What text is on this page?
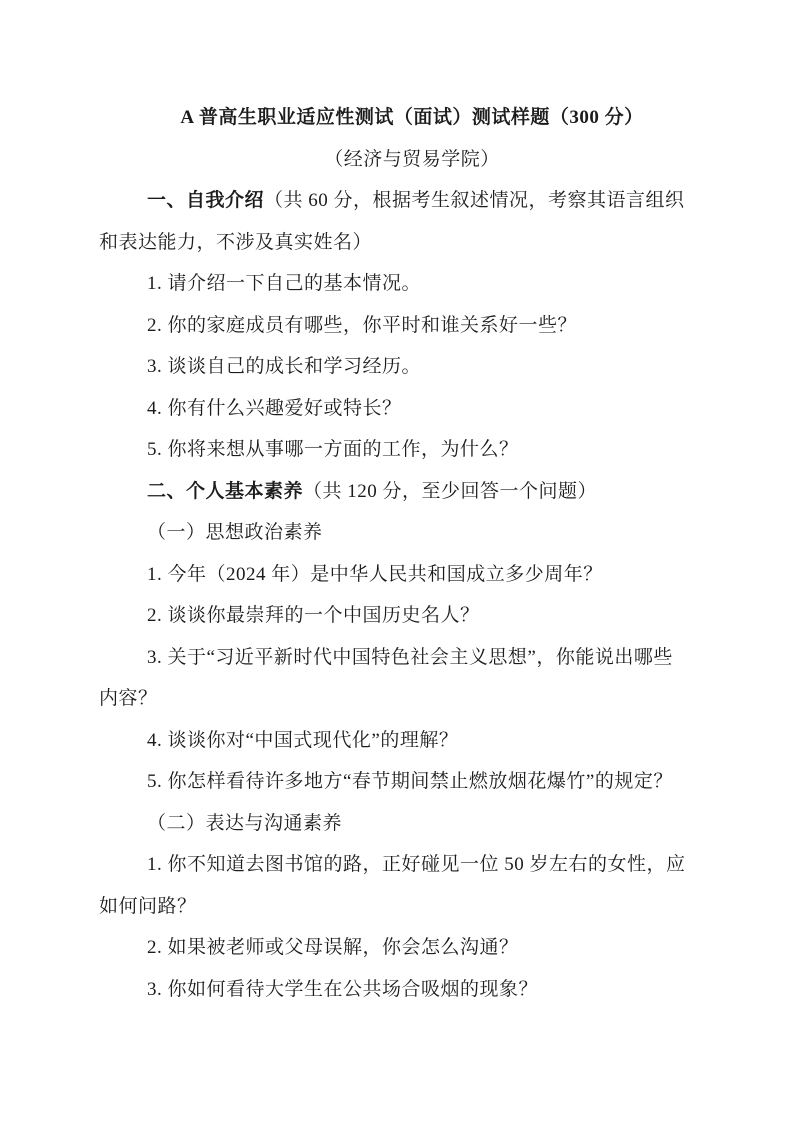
A 普高生职业适应性测试（面试）测试样题（300 分）
（经济与贸易学院）
一、自我介绍（共 60 分，根据考生叙述情况，考察其语言组织
和表达能力，不涉及真实姓名）
1. 请介绍一下自己的基本情况。
2. 你的家庭成员有哪些，你平时和谁关系好一些？
3. 谈谈自己的成长和学习经历。
4. 你有什么兴趣爱好或特长？
5. 你将来想从事哪一方面的工作，为什么？
二、个人基本素养（共 120 分，至少回答一个问题）
（一）思想政治素养
1. 今年（2024 年）是中华人民共和国成立多少周年？
2. 谈谈你最崇拜的一个中国历史名人？
3. 关于“习近平新时代中国特色社会主义思想”，你能说出哪些
内容？
4. 谈谈你对“中国式现代化”的理解？
5. 你怎样看待许多地方“春节期间禁止燃放烟花爆竹”的规定？
（二）表达与沟通素养
1. 你不知道去图书馆的路，正好碰见一位 50 岁左右的女性，应
如何问路？
2. 如果被老师或父母误解，你会怎么沟通？
3. 你如何看待大学生在公共场合吸烟的现象？
